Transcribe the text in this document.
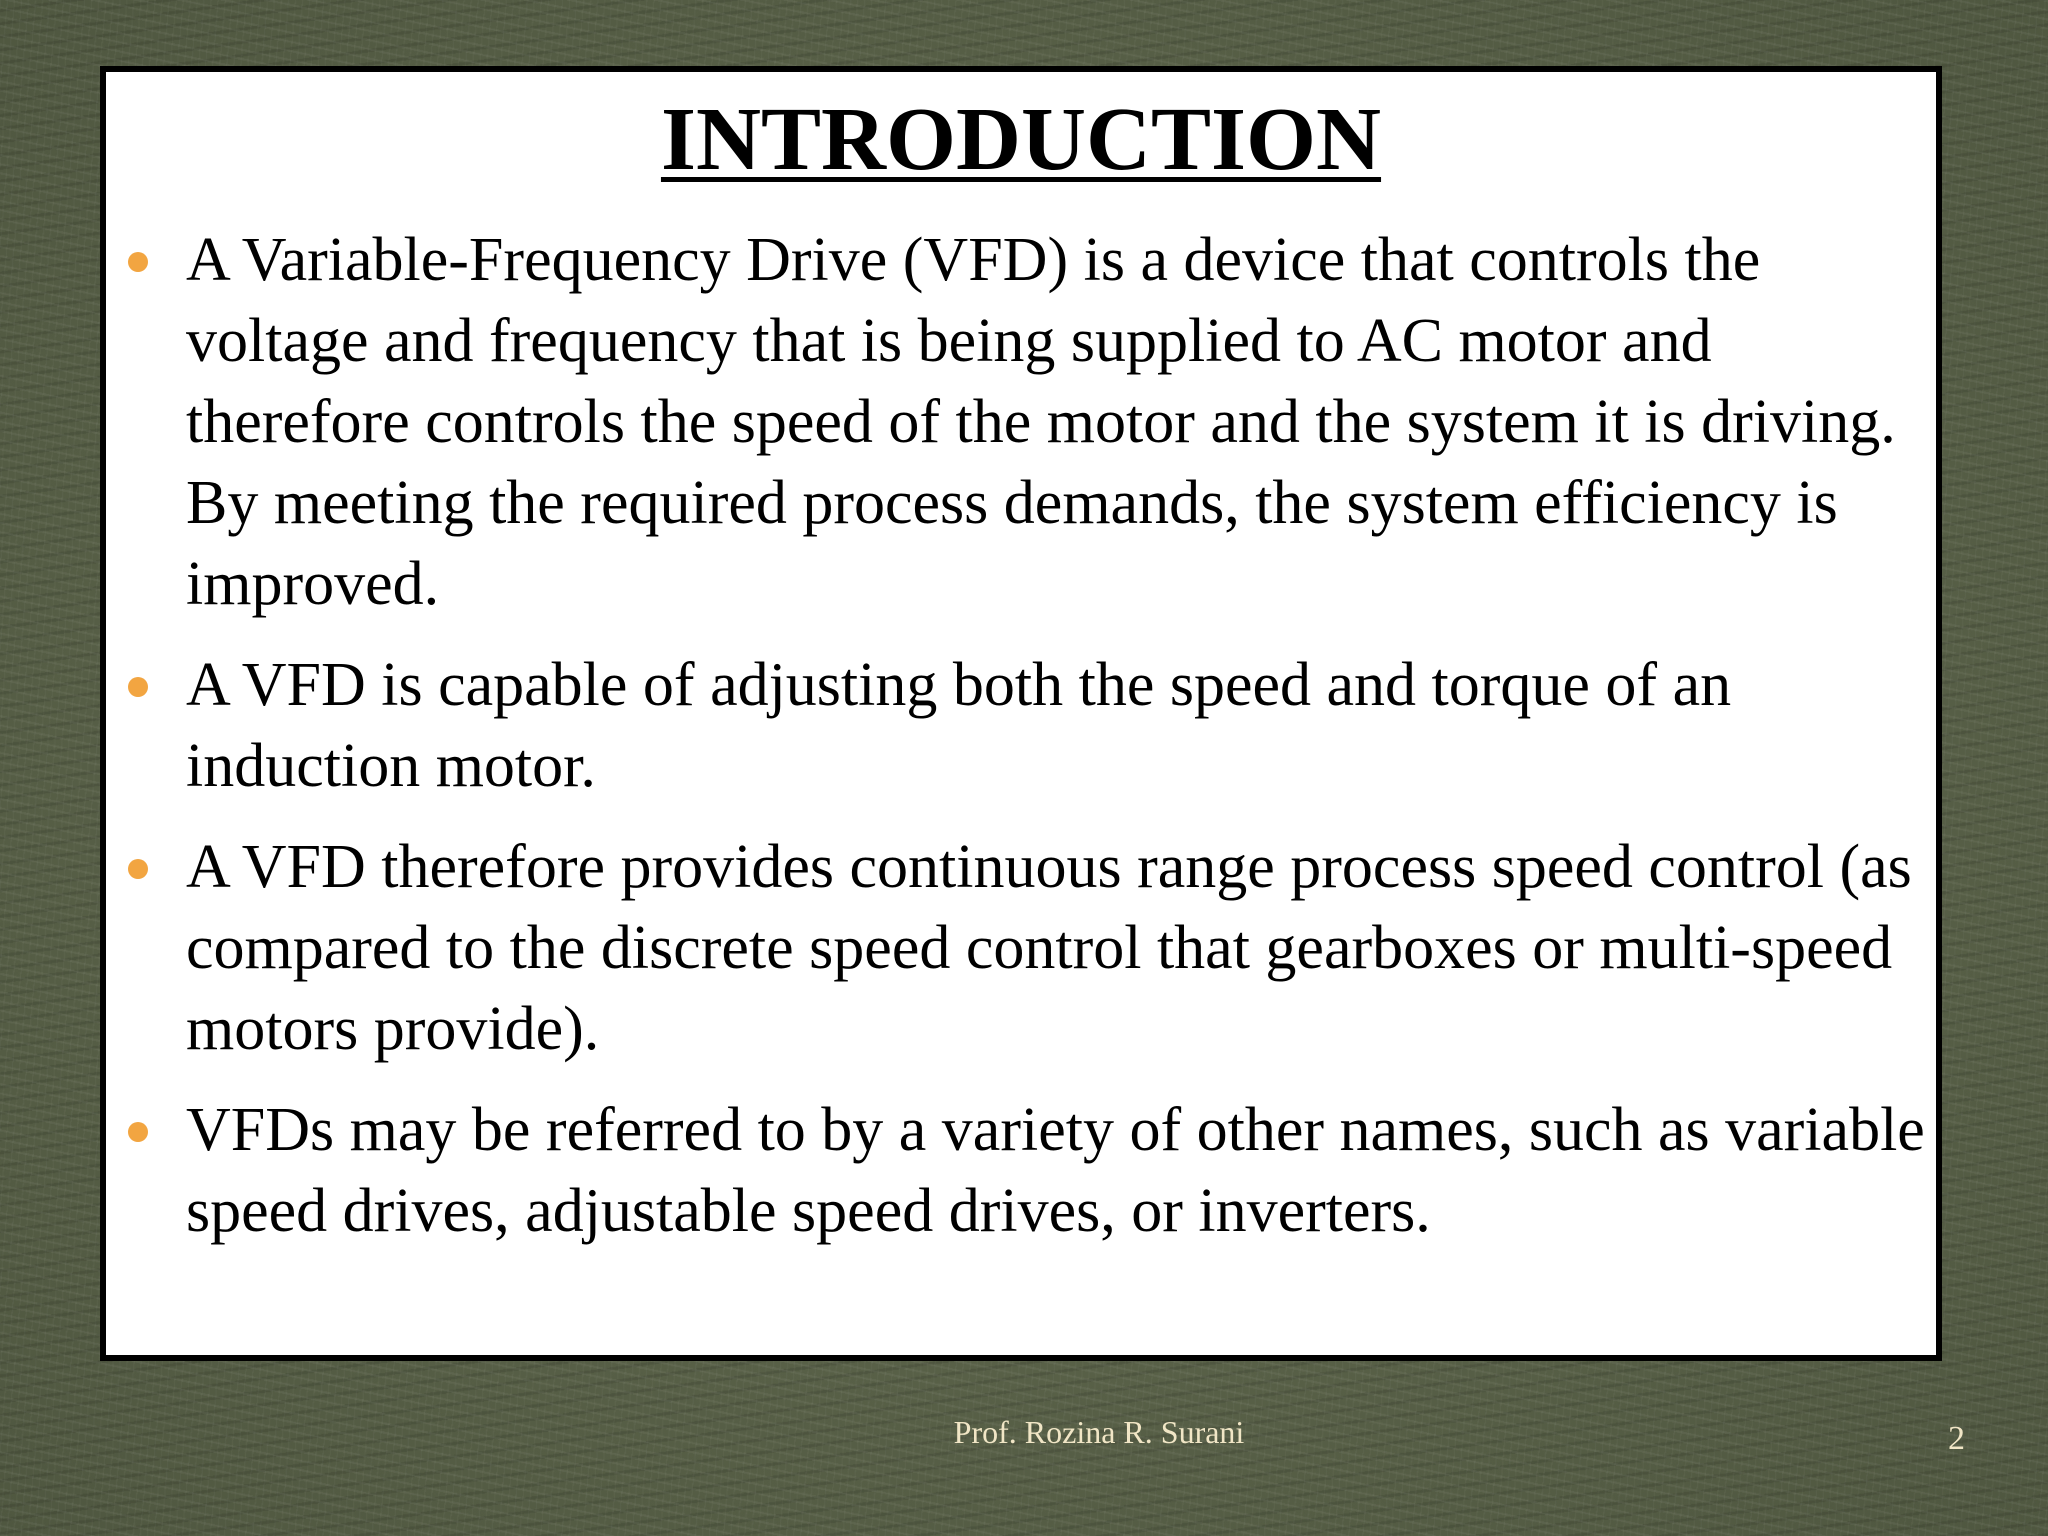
INTRODUCTION
A Variable-Frequency Drive (VFD) is a device that controls the voltage and frequency that is being supplied to AC motor and therefore controls the speed of the motor and the system it is driving. By meeting the required process demands, the system efficiency is improved.
A VFD is capable of adjusting both the speed and torque of an induction motor.
A VFD therefore provides continuous range process speed control (as compared to the discrete speed control that gearboxes or multi-speed motors provide).
VFDs may be referred to by a variety of other names, such as variable speed drives, adjustable speed drives, or inverters.
Prof. Rozina R. Surani	2
